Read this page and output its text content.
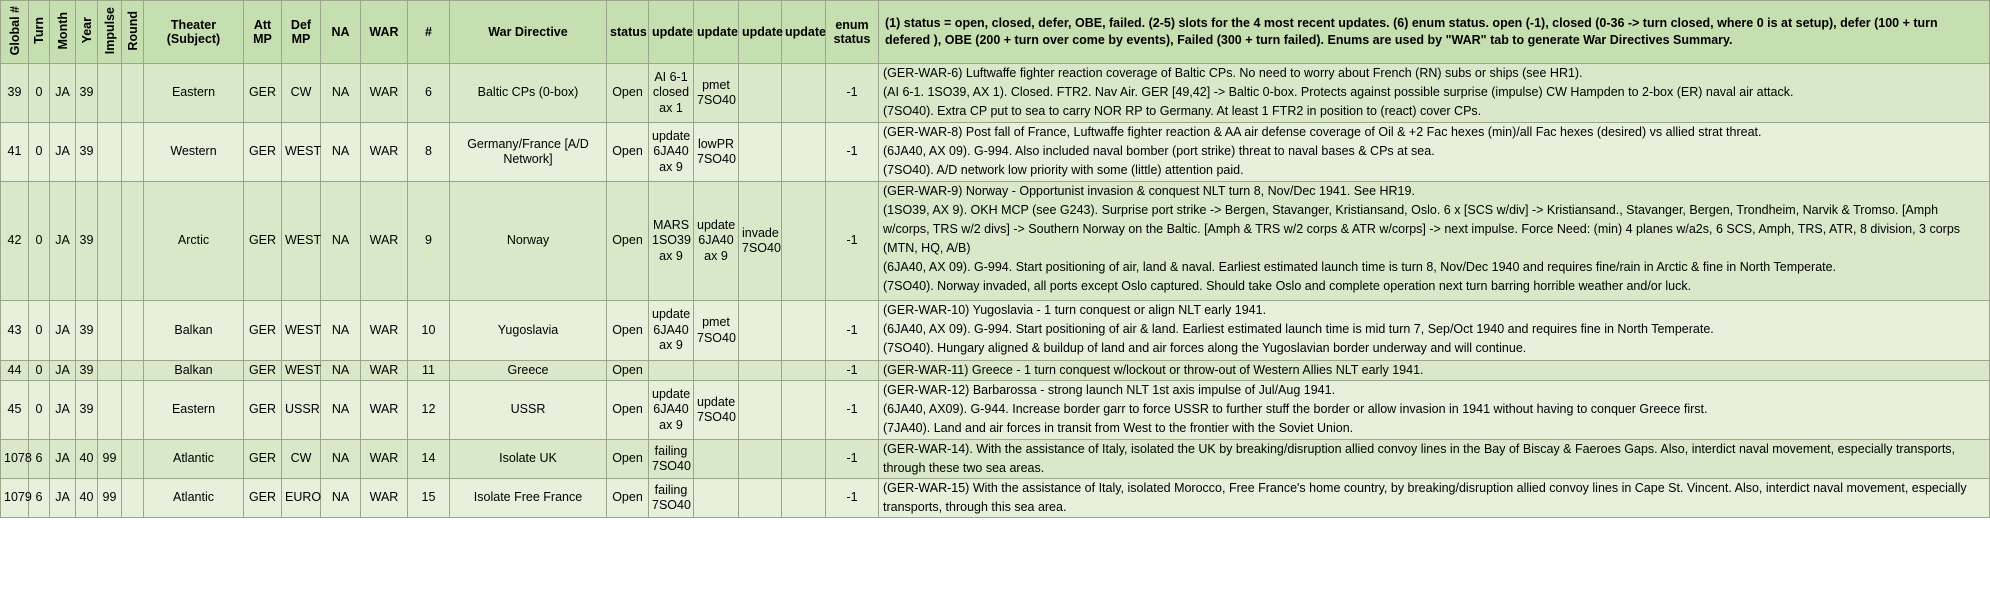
Global #	Turn	Month	Year	Impulse	Round	Theater (Subject)	Att MP	Def MP	NA	WAR	#	War Directive	status	update	update	update	update	enum status	(1) status = open, closed, defer, OBE, failed. (2-5) slots for the 4 most recent updates. (6) enum status. open (-1), closed (0-36 -> turn closed, where 0 is at setup), defer (100 + turn defered ), OBE (200 + turn over come by events), Failed (300 + turn failed). Enums are used by "WAR" tab to generate War Directives Summary.
39	0	JA	39			Eastern	GER	CW	NA	WAR	6	Baltic CPs (0-box)	Open	AI 6-1 closed ax 1	pmet 7SO40			-1	(GER-WAR-6) Luftwaffe fighter reaction coverage of Baltic CPs. No need to worry about French (RN) subs or ships (see HR1).
(AI 6-1. 1SO39, AX 1). Closed. FTR2. Nav Air. GER [49,42] -> Baltic 0-box. Protects against possible surprise (impulse) CW Hampden to 2-box (ER) naval air attack.
(7SO40). Extra CP put to sea to carry NOR RP to Germany. At least 1 FTR2 in position to (react) cover CPs.

41	0	JA	39			Western	GER	WEST	NA	WAR	8	Germany/France [A/D Network]	Open	update 6JA40 ax 9	lowPR 7SO40			-1	(GER-WAR-8) Post fall of France, Luftwaffe fighter reaction & AA air defense coverage of Oil & +2 Fac hexes (min)/all Fac hexes (desired) vs allied strat threat.
(6JA40, AX 09). G-994. Also included naval bomber (port strike) threat to naval bases & CPs at sea.
(7SO40). A/D network low priority with some (little) attention paid.

42	0	JA	39			Arctic	GER	WEST	NA	WAR	9	Norway	Open	MARS 1SO39 ax 9	update 6JA40 ax 9	invade 7SO40		-1	(GER-WAR-9) Norway - Opportunist invasion & conquest NLT turn 8, Nov/Dec 1941. See HR19.
(1SO39, AX 9). OKH MCP (see G243). Surprise port strike -> Bergen, Stavanger, Kristiansand, Oslo. 6 x [SCS w/div] -> Kristiansand., Stavanger, Bergen, Trondheim, Narvik & Tromso. [Amph w/corps, TRS w/2 divs] -> Southern Norway on the Baltic. [Amph & TRS w/2 corps & ATR w/corps] -> next impulse. Force Need: (min) 4 planes w/a2s, 6 SCS, Amph, TRS, ATR, 8 division, 3 corps (MTN, HQ, A/B)
(6JA40, AX 09). G-994. Start positioning of air, land & naval. Earliest estimated launch time is turn 8, Nov/Dec 1940 and requires fine/rain in Arctic & fine in North Temperate.
(7SO40). Norway invaded, all ports except Oslo captured. Should take Oslo and complete operation next turn barring horrible weather and/or luck.

43	0	JA	39			Balkan	GER	WEST	NA	WAR	10	Yugoslavia	Open	update 6JA40 ax 9	pmet 7SO40			-1	(GER-WAR-10) Yugoslavia - 1 turn conquest or align NLT early 1941.
(6JA40, AX 09). G-994. Start positioning of air & land. Earliest estimated launch time is mid turn 7, Sep/Oct 1940 and requires fine in North Temperate.
(7SO40). Hungary aligned & buildup of land and air forces along the Yugoslavian border underway and will continue.

44	0	JA	39			Balkan	GER	WEST	NA	WAR	11	Greece	Open					-1	(GER-WAR-11) Greece - 1 turn conquest w/lockout or throw-out of Western Allies NLT early 1941.

45	0	JA	39			Eastern	GER	USSR	NA	WAR	12	USSR	Open	update 6JA40 ax 9	update 7SO40			-1	(GER-WAR-12) Barbarossa - strong launch NLT 1st axis impulse of Jul/Aug 1941.
(6JA40, AX09). G-944. Increase border garr to force USSR to further stuff the border or allow invasion in 1941 without having to conquer Greece first.
(7JA40). Land and air forces in transit from West to the frontier with the Soviet Union.

1078	6	JA	40	99		Atlantic	GER	CW	NA	WAR	14	Isolate UK	Open	failing 7SO40				-1	(GER-WAR-14). With the assistance of Italy, isolated the UK by breaking/disruption allied convoy lines in the Bay of Biscay & Faeroes Gaps. Also, interdict naval movement, especially transports, through these two sea areas.

1079	6	JA	40	99		Atlantic	GER	EURO	NA	WAR	15	Isolate Free France	Open	failing 7SO40				-1	(GER-WAR-15) With the assistance of Italy, isolated Morocco, Free France's home country, by breaking/disruption allied convoy lines in Cape St. Vincent. Also, interdict naval movement, especially transports, through this sea area.
